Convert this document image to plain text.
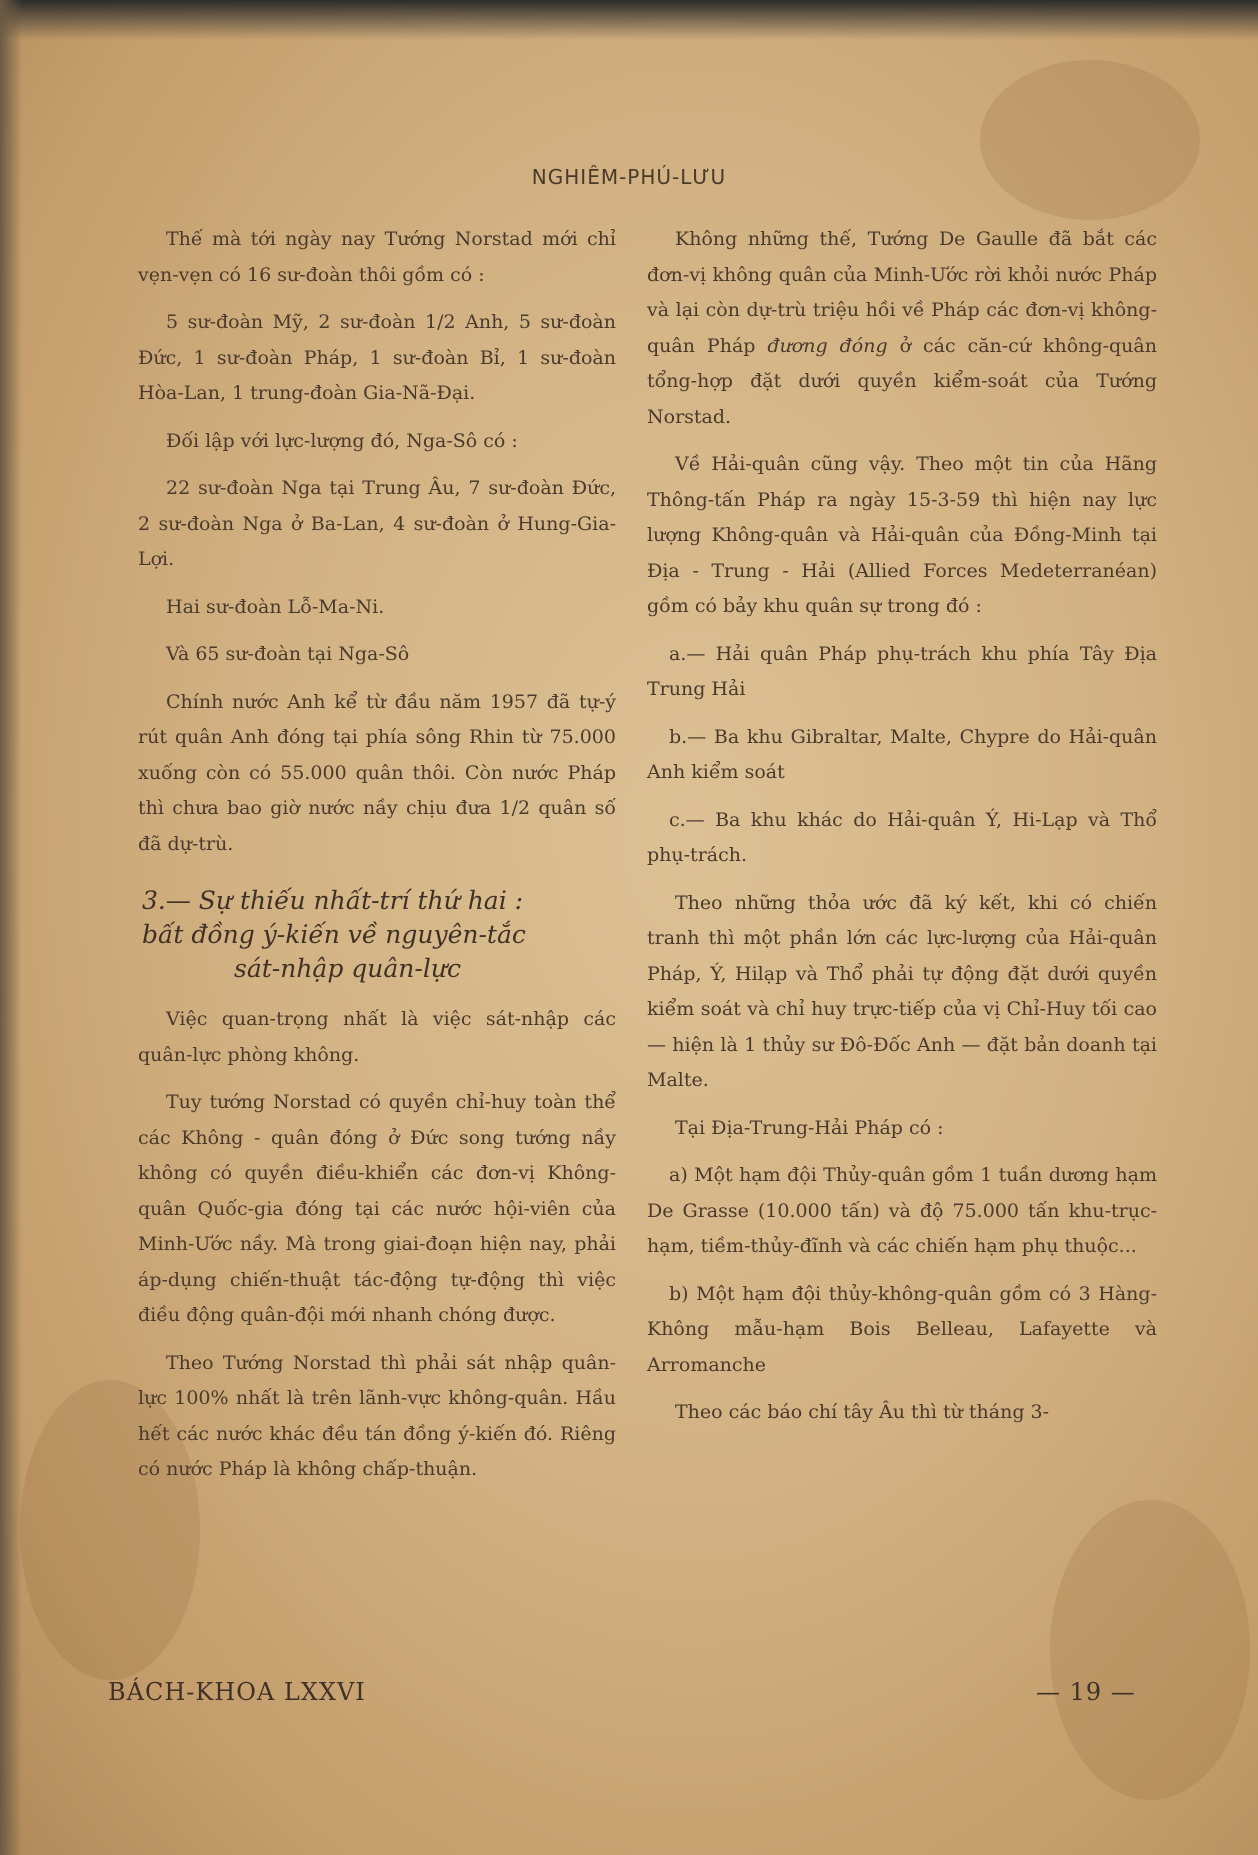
NGHIÊM-PHÚ-LƯU

Thế mà tới ngày nay Tướng Norstad mới chỉ vẹn-vẹn có 16 sư-đoàn thôi gồm có :

5 sư-đoàn Mỹ, 2 sư-đoàn 1/2 Anh, 5 sư-đoàn Đức, 1 sư-đoàn Pháp, 1 sư-đoàn Bỉ, 1 sư-đoàn Hòa-Lan, 1 trung-đoàn Gia-Nã-Đại.

Đối lập với lực-lượng đó, Nga-Sô có :

22 sư-đoàn Nga tại Trung Âu, 7 sư-đoàn Đức, 2 sư-đoàn Nga ở Ba-Lan, 4 sư-đoàn ở Hung-Gia-Lợi.

Hai sư-đoàn Lỗ-Ma-Ni.

Và 65 sư-đoàn tại Nga-Sô

Chính nước Anh kể từ đầu năm 1957 đã tự-ý rút quân Anh đóng tại phía sông Rhin từ 75.000 xuống còn có 55.000 quân thôi. Còn nước Pháp thì chưa bao giờ nước nầy chịu đưa 1/2 quân số đã dự-trù.

3.— Sự thiếu nhất-trí thứ hai :
bất đồng ý-kiến về nguyên-tắc
sát-nhập quân-lực

Việc quan-trọng nhất là việc sát-nhập các quân-lực phòng không.

Tuy tướng Norstad có quyền chỉ-huy toàn thể các Không - quân đóng ở Đức song tướng nầy không có quyền điều-khiển các đơn-vị Không-quân Quốc-gia đóng tại các nước hội-viên của Minh-Ước nầy. Mà trong giai-đoạn hiện nay, phải áp-dụng chiến-thuật tác-động tự-động thì việc điều động quân-đội mới nhanh chóng được.

Theo Tướng Norstad thì phải sát nhập quân-lực 100% nhất là trên lãnh-vực không-quân. Hầu hết các nước khác đều tán đồng ý-kiến đó. Riêng có nước Pháp là không chấp-thuận.

Không những thế, Tướng De Gaulle đã bắt các đơn-vị không quân của Minh-Ước rời khỏi nước Pháp và lại còn dự-trù triệu hồi về Pháp các đơn-vị không-quân Pháp đương đóng ở các căn-cứ không-quân tổng-hợp đặt dưới quyền kiểm-soát của Tướng Norstad.

Về Hải-quân cũng vậy. Theo một tin của Hãng Thông-tấn Pháp ra ngày 15-3-59 thì hiện nay lực lượng Không-quân và Hải-quân của Đồng-Minh tại Địa - Trung - Hải (Allied Forces Medeterranéan) gồm có bảy khu quân sự trong đó :

a.— Hải quân Pháp phụ-trách khu phía Tây Địa Trung Hải

b.— Ba khu Gibraltar, Malte, Chypre do Hải-quân Anh kiểm soát

c.— Ba khu khác do Hải-quân Ý, Hi-Lạp và Thổ phụ-trách.

Theo những thỏa ước đã ký kết, khi có chiến tranh thì một phần lớn các lực-lượng của Hải-quân Pháp, Ý, Hilạp và Thổ phải tự động đặt dưới quyền kiểm soát và chỉ huy trực-tiếp của vị Chỉ-Huy tối cao — hiện là 1 thủy sư Đô-Đốc Anh — đặt bản doanh tại Malte.

Tại Địa-Trung-Hải Pháp có :

a) Một hạm đội Thủy-quân gồm 1 tuần dương hạm De Grasse (10.000 tấn) và độ 75.000 tấn khu-trục-hạm, tiềm-thủy-đĩnh và các chiến hạm phụ thuộc...

b) Một hạm đội thủy-không-quân gồm có 3 Hàng-Không mẫu-hạm Bois Belleau, Lafayette và Arromanche

Theo các báo chí tây Âu thì từ tháng 3-

BÁCH-KHOA LXXVI	— 19 —
